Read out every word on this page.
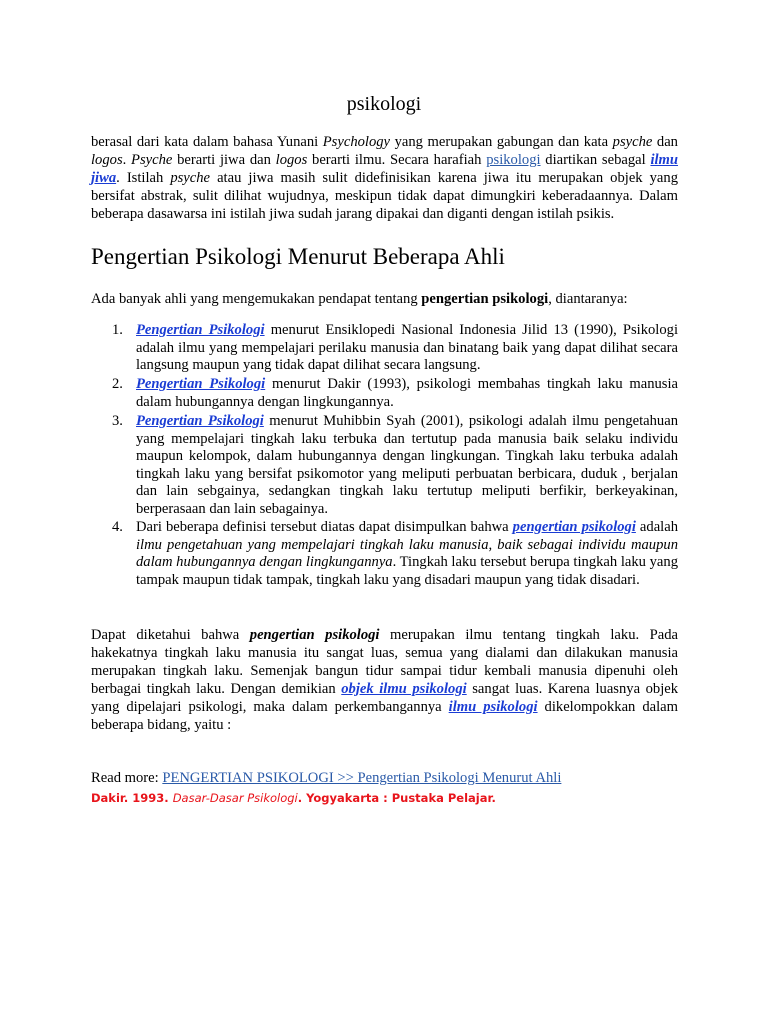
psikologi
berasal dari kata dalam bahasa Yunani Psychology yang merupakan gabungan dan kata psyche dan logos. Psyche berarti jiwa dan logos berarti ilmu. Secara harafiah psikologi diartikan sebagal ilmu jiwa. Istilah psyche atau jiwa masih sulit didefinisikan karena jiwa itu merupakan objek yang bersifat abstrak, sulit dilihat wujudnya, meskipun tidak dapat dimungkiri keberadaannya. Dalam beberapa dasawarsa ini istilah jiwa sudah jarang dipakai dan diganti dengan istilah psikis.
Pengertian Psikologi Menurut Beberapa Ahli
Ada banyak ahli yang mengemukakan pendapat tentang pengertian psikologi, diantaranya:
1. Pengertian Psikologi menurut Ensiklopedi Nasional Indonesia Jilid 13 (1990), Psikologi adalah ilmu yang mempelajari perilaku manusia dan binatang baik yang dapat dilihat secara langsung maupun yang tidak dapat dilihat secara langsung.
2. Pengertian Psikologi menurut Dakir (1993), psikologi membahas tingkah laku manusia dalam hubungannya dengan lingkungannya.
3. Pengertian Psikologi menurut Muhibbin Syah (2001), psikologi adalah ilmu pengetahuan yang mempelajari tingkah laku terbuka dan tertutup pada manusia baik selaku individu maupun kelompok, dalam hubungannya dengan lingkungan. Tingkah laku terbuka adalah tingkah laku yang bersifat psikomotor yang meliputi perbuatan berbicara, duduk , berjalan dan lain sebgainya, sedangkan tingkah laku tertutup meliputi berfikir, berkeyakinan, berperasaan dan lain sebagainya.
4. Dari beberapa definisi tersebut diatas dapat disimpulkan bahwa pengertian psikologi adalah ilmu pengetahuan yang mempelajari tingkah laku manusia, baik sebagai individu maupun dalam hubungannya dengan lingkungannya. Tingkah laku tersebut berupa tingkah laku yang tampak maupun tidak tampak, tingkah laku yang disadari maupun yang tidak disadari.
Dapat diketahui bahwa pengertian psikologi merupakan ilmu tentang tingkah laku. Pada hakekatnya tingkah laku manusia itu sangat luas, semua yang dialami dan dilakukan manusia merupakan tingkah laku. Semenjak bangun tidur sampai tidur kembali manusia dipenuhi oleh berbagai tingkah laku. Dengan demikian objek ilmu psikologi sangat luas. Karena luasnya objek yang dipelajari psikologi, maka dalam perkembangannya ilmu psikologi dikelompokkan dalam beberapa bidang, yaitu :
Read more: PENGERTIAN PSIKOLOGI >> Pengertian Psikologi Menurut Ahli
Dakir. 1993. Dasar-Dasar Psikologi. Yogyakarta : Pustaka Pelajar.
